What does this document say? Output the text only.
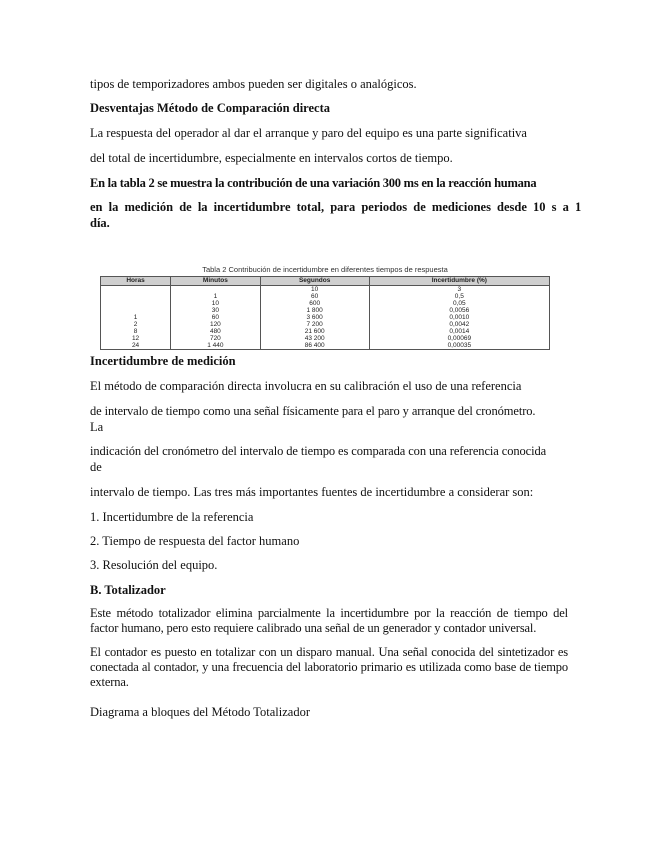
tipos de temporizadores ambos pueden ser digitales o analógicos.
Desventajas Método de Comparación directa
La respuesta del operador al dar el arranque y paro del equipo es una parte significativa
del total de incertidumbre, especialmente en intervalos cortos de tiempo.
En la tabla 2 se muestra la contribución de una variación 300 ms en la reacción humana
en la medición de la incertidumbre total, para periodos de mediciones desde 10 s a 1
día.
Tabla 2 Contribución de incertidumbre en diferentes tiempos de respuesta
Horas	Minutos	Segundos	Incertidumbre (%)
		10	3
	1	60	0,5
	10	600	0,05
	30	1 800	0,0056
1	60	3 600	0,0010
2	120	7 200	0,0042
8	480	21 600	0,0014
12	720	43 200	0,00069
24	1 440	86 400	0,00035
Incertidumbre de medición
El método de comparación directa involucra en su calibración el uso de una referencia
de intervalo de tiempo como una señal físicamente para el paro y arranque del cronómetro.
La
indicación del cronómetro del intervalo de tiempo es comparada con una referencia conocida
de
intervalo de tiempo. Las tres más importantes fuentes de incertidumbre a considerar son:
1. Incertidumbre de la referencia
2. Tiempo de respuesta del factor humano
3. Resolución del equipo.
B. Totalizador
Este método totalizador elimina parcialmente la incertidumbre por la reacción de tiempo del factor humano, pero esto requiere calibrado una señal de un generador y contador universal.
El contador es puesto en totalizar con un disparo manual. Una señal conocida del sintetizador es conectada al contador, y una frecuencia del laboratorio primario es utilizada como base de tiempo externa.
Diagrama a bloques del Método Totalizador
